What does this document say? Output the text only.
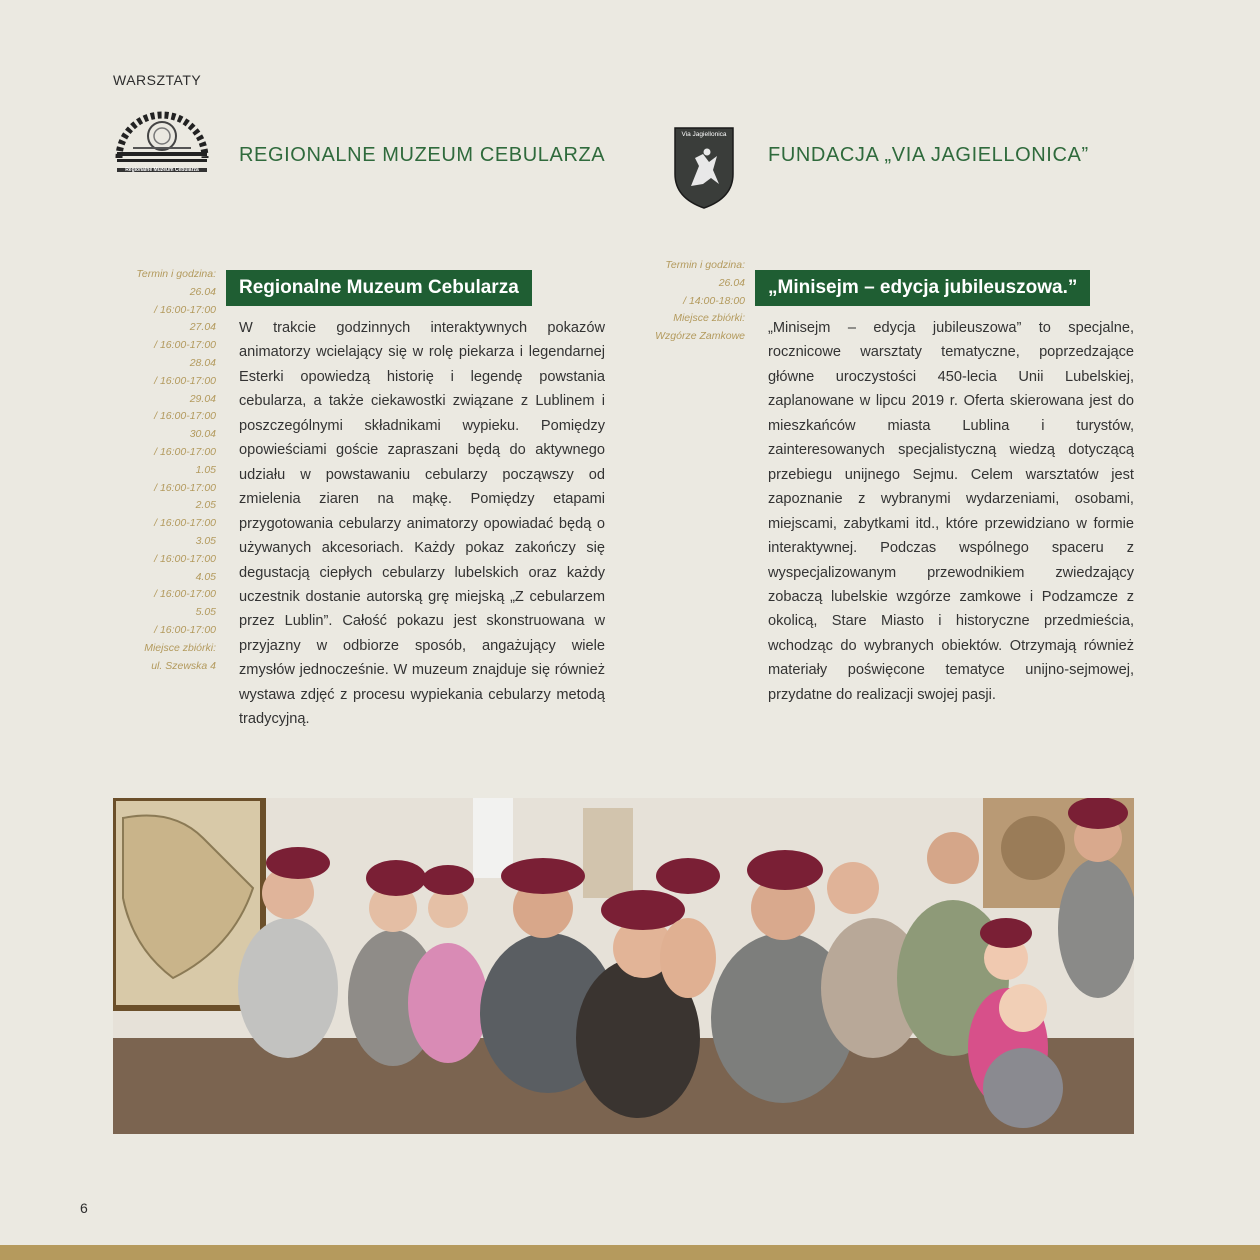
WARSZTATY
Regionalne Muzeum Cebularza
REGIONALNE MUZEUM CEBULARZA
Via Jagiellonica
FUNDACJA „VIA JAGIELLONICA”
Termin i godzina:
26.04
/ 16:00-17:00
27.04
/ 16:00-17:00
28.04
/ 16:00-17:00
29.04
/ 16:00-17:00
30.04
/ 16:00-17:00
1.05
/ 16:00-17:00
2.05
/ 16:00-17:00
3.05
/ 16:00-17:00
4.05
/ 16:00-17:00
5.05
/ 16:00-17:00
Miejsce zbiórki:
ul. Szewska 4
Regionalne Muzeum Cebularza
W trakcie godzinnych interaktywnych pokazów animatorzy wcielający się w rolę piekarza i legendarnej Esterki opowiedzą historię i legendę powstania cebularza, a także ciekawostki związane z Lublinem i poszczególnymi składnikami wypieku. Pomiędzy opowieściami goście zapraszani będą do aktywnego udziału w powstawaniu cebularzy począwszy od zmielenia ziaren na mąkę. Pomiędzy etapami przygotowania cebularzy animatorzy opowiadać będą o używanych akcesoriach. Każdy pokaz zakończy się degustacją ciepłych cebularzy lubelskich oraz każdy uczestnik dostanie autorską grę miejską „Z cebularzem przez Lublin”. Całość pokazu jest skonstruowana w przyjazny w odbiorze sposób, angażujący wiele zmysłów jednocześnie. W muzeum znajduje się również wystawa zdjęć z procesu wypiekania cebularzy metodą tradycyjną.
Termin i godzina:
26.04
/ 14:00-18:00
Miejsce zbiórki:
Wzgórze Zamkowe
„Minisejm – edycja jubileuszowa.”
„Minisejm – edycja jubileuszowa” to specjalne, rocznicowe warsztaty tematyczne, poprzedzające główne uroczystości 450-lecia Unii Lubelskiej, zaplanowane w lipcu 2019 r. Oferta skierowana jest do mieszkańców miasta Lublina i turystów, zainteresowanych specjalistyczną wiedzą dotyczącą przebiegu unijnego Sejmu. Celem warsztatów jest zapoznanie z wybranymi wydarzeniami, osobami, miejscami, zabytkami itd., które przewidziano w formie interaktywnej. Podczas wspólnego spaceru z wyspecjalizowanym przewodnikiem zwiedzający zobaczą lubelskie wzgórze zamkowe i Podzamcze z okolicą, Stare Miasto i historyczne przedmieścia, wchodząc do wybranych obiektów. Otrzymają również materiały poświęcone tematyce unijno-sejmowej, przydatne do realizacji swojej pasji.
6
